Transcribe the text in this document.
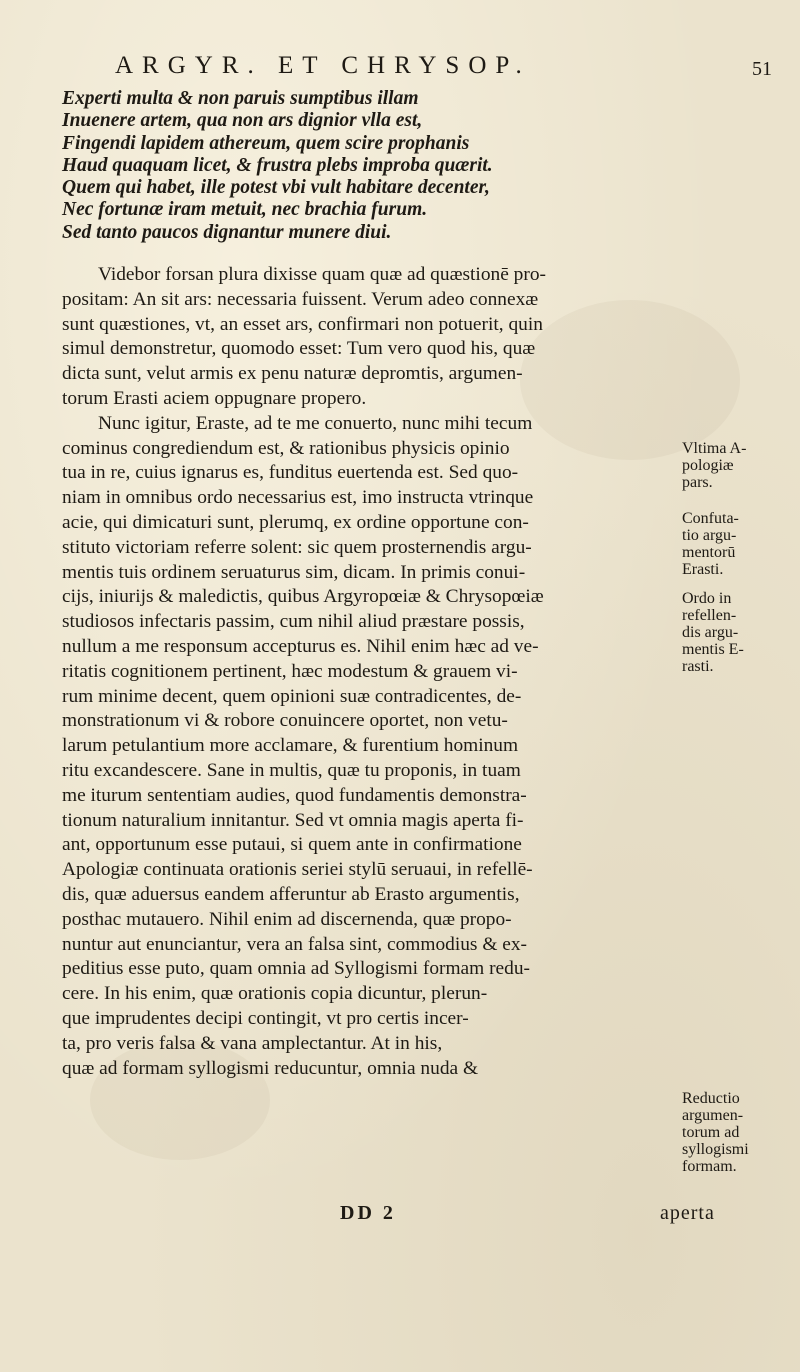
ARGYR. ET CHRYSOP.	51
Experti multa & non paruis sumptibus illam
Inuenere artem, qua non ars dignior vlla est,
Fingendi lapidem athereum, quem scire prophanis
Haud quaquam licet, & frustra plebs improba quærit.
Quem qui habet, ille potest vbi vult habitare decenter,
Nec fortunæ iram metuit, nec brachia furum.
Sed tanto paucos dignantur munere diui.
Videbor forsan plura dixisse quam quæ ad quæstionē pro-
positam: An sit ars: necessaria fuissent. Verum adeo connexæ
sunt quæstiones, vt, an esset ars, confirmari non potuerit, quin
simul demonstretur, quomodo esset: Tum vero quod his, quæ
dicta sunt, velut armis ex penu naturæ depromtis, argumen-
torum Erasti aciem oppugnare propero.
Nunc igitur, Eraste, ad te me conuerto, nunc mihi tecum
cominus congrediendum est, & rationibus physicis opinio
tua in re, cuius ignarus es, funditus euertenda est. Sed quo-
niam in omnibus ordo necessarius est, imo instructa vtrinque
acie, qui dimicaturi sunt, plerumq, ex ordine opportune con-
stituto victoriam referre solent: sic quem prosternendis argu-
mentis tuis ordinem seruaturus sim, dicam. In primis conui-
cijs, iniurijs & maledictis, quibus Argyropœiæ & Chrysopœiæ
studiosos infectaris passim, cum nihil aliud præstare possis,
nullum a me responsum accepturus es. Nihil enim hæc ad ve-
ritatis cognitionem pertinent, hæc modestum & grauem vi-
rum minime decent, quem opinioni suæ contradicentes, de-
monstrationum vi & robore conuincere oportet, non vetu-
larum petulantium more acclamare, & furentium hominum
ritu excandescere. Sane in multis, quæ tu proponis, in tuam
me iturum sententiam audies, quod fundamentis demonstra-
tionum naturalium innitantur. Sed vt omnia magis aperta fi-
ant, opportunum esse putaui, si quem ante in confirmatione
Apologiæ continuata orationis seriei stylū seruaui, in refellē-
dis, quæ aduersus eandem afferuntur ab Erasto argumentis,
posthac mutauero. Nihil enim ad discernenda, quæ propo-
nuntur aut enunciantur, vera an falsa sint, commodius & ex-
peditius esse puto, quam omnia ad Syllogismi formam redu-
cere. In his enim, quæ orationis copia dicuntur, plerun-
que imprudentes decipi contingit, vt pro certis incer-
ta, pro veris falsa & vana amplectantur. At in his,
quæ ad formam syllogismi reducuntur, omnia nuda &
Vltima A-
pologiæ
pars.
Confuta-
tio argu-
mentorū
Erasti.
Ordo in
refellen-
dis argu-
mentis E-
rasti.
Reductio
argumen-
torum ad
syllogismi
formam.
DD 2	aperta
